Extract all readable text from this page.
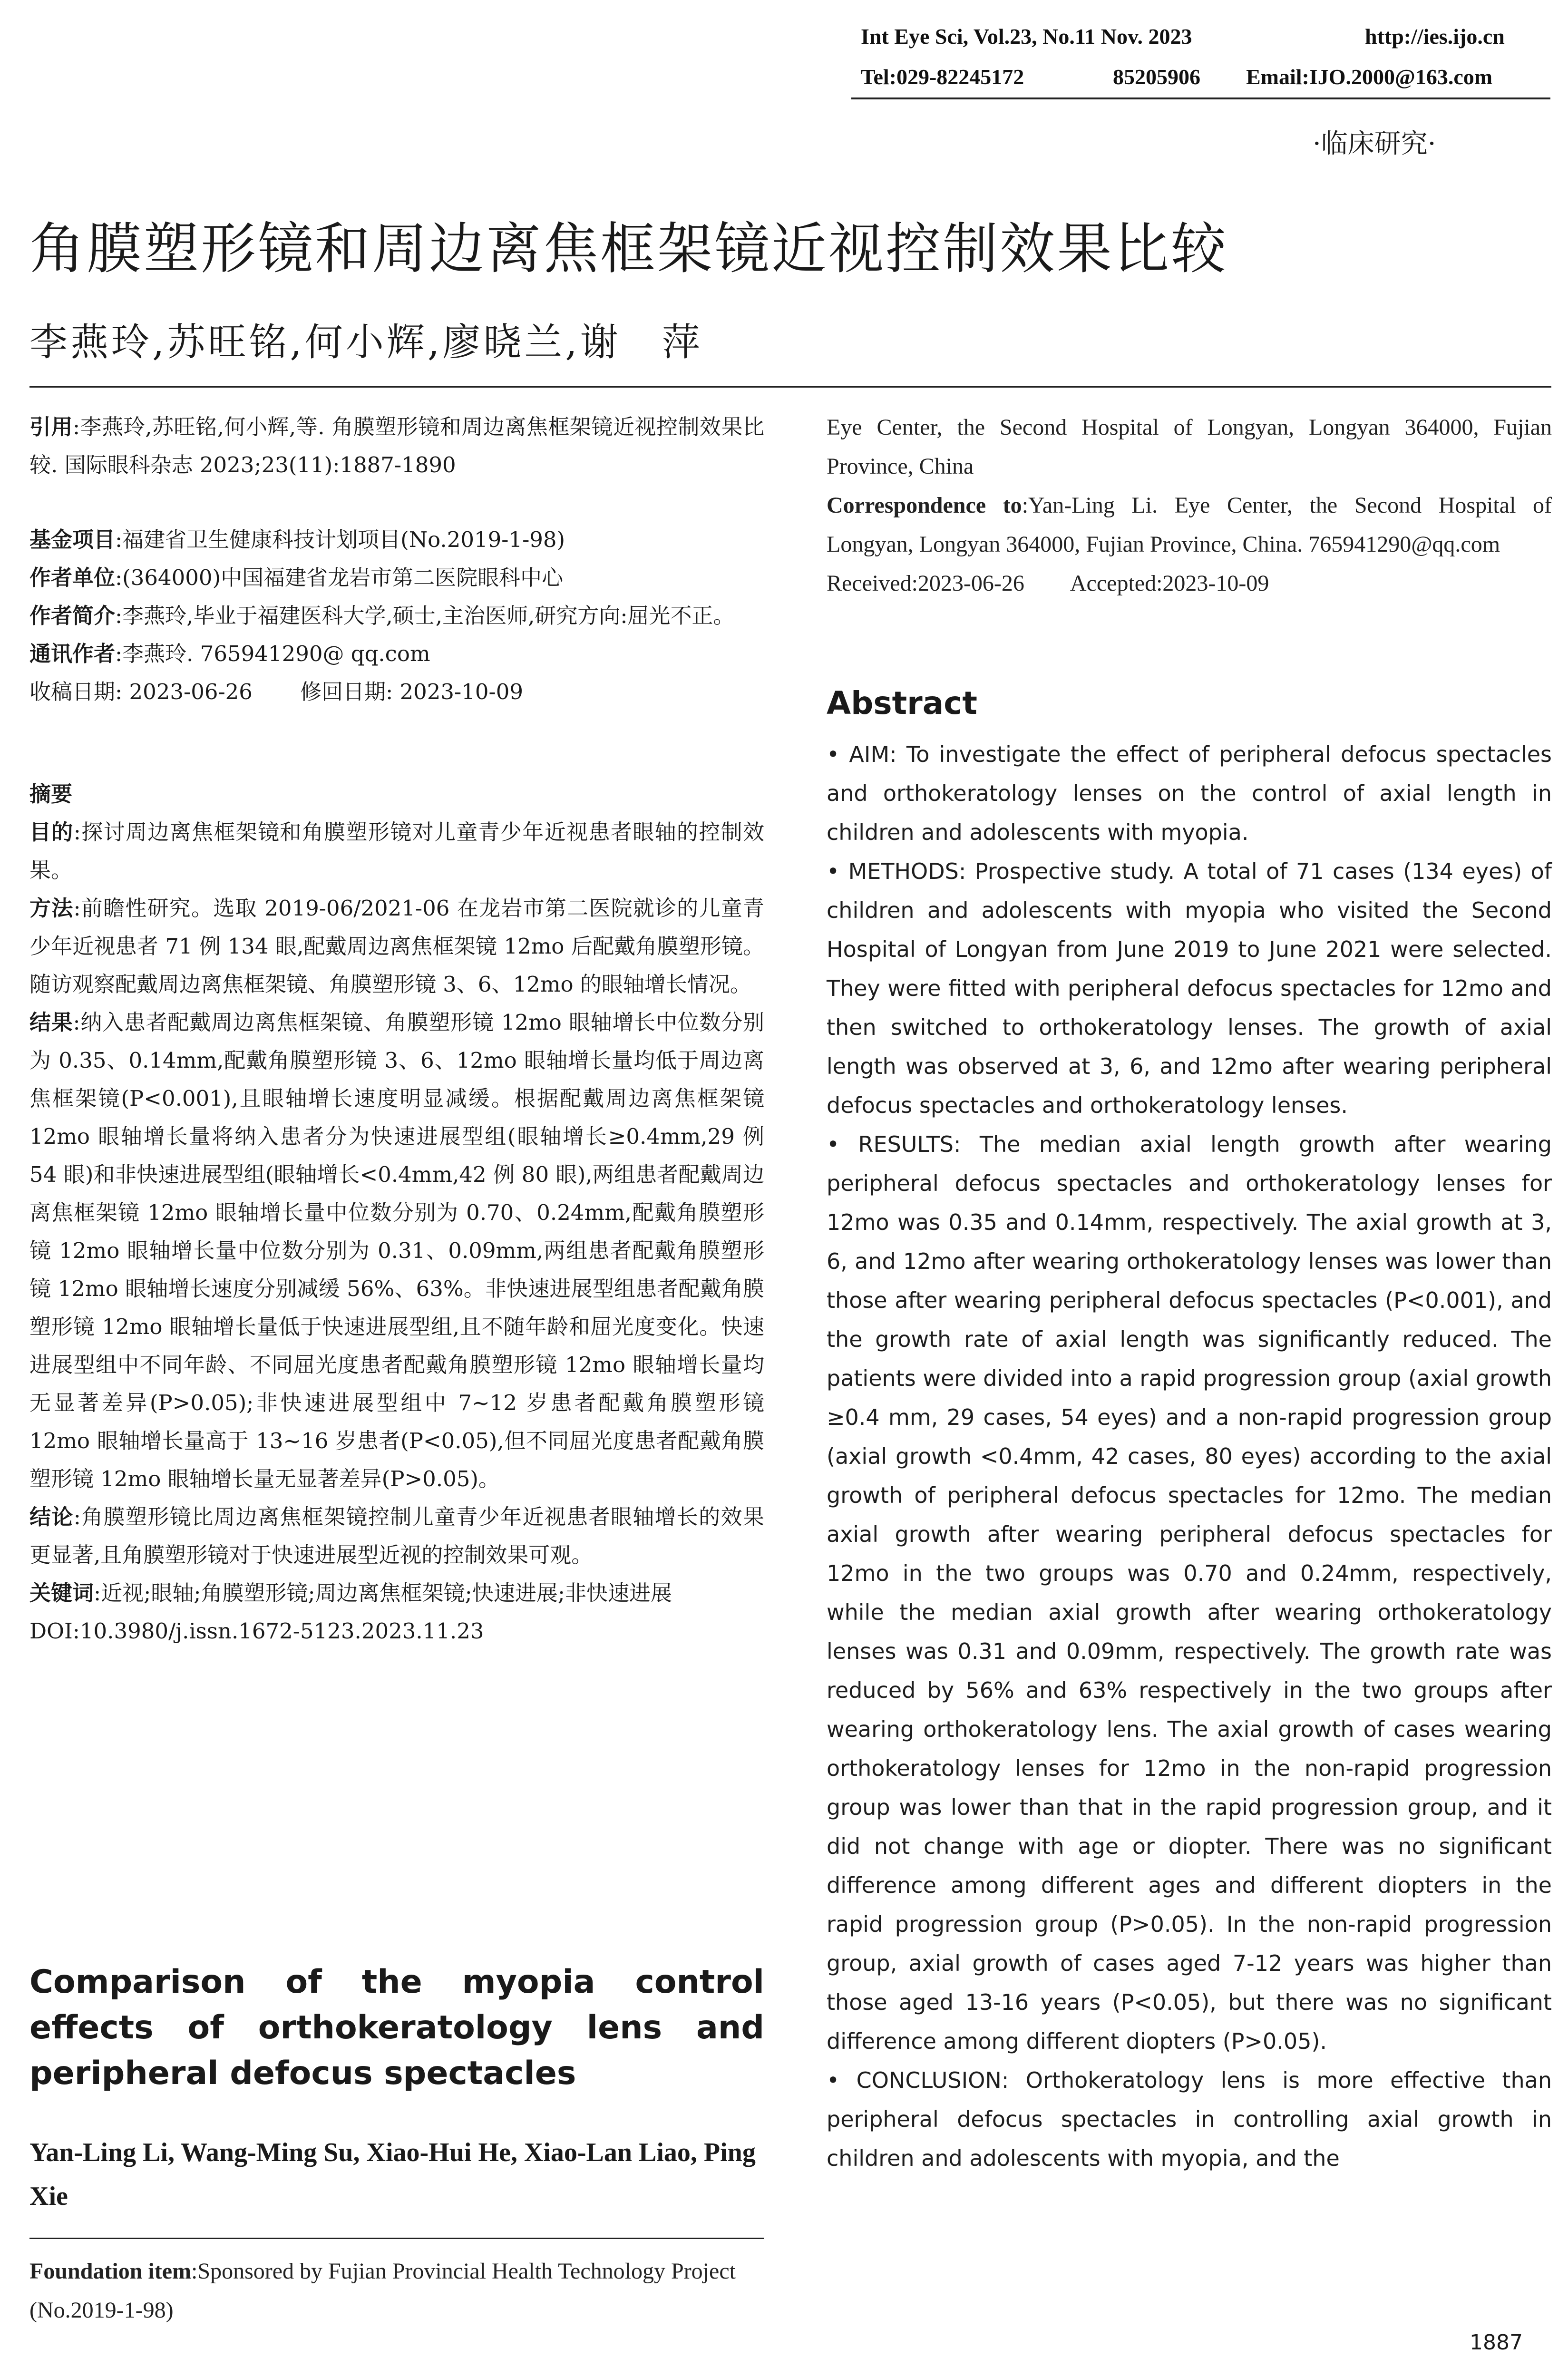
Int Eye Sci, Vol.23, No.11 Nov. 2023	http://ies.ijo.cn
Tel:029-82245172	85205906 Email:IJO.2000@163.com
·临床研究·
角膜塑形镜和周边离焦框架镜近视控制效果比较
李燕玲,苏旺铭,何小辉,廖晓兰,谢　萍

引用:李燕玲,苏旺铭,何小辉,等. 角膜塑形镜和周边离焦框架镜近视控制效果比较. 国际眼科杂志 2023;23(11):1887-1890

基金项目:福建省卫生健康科技计划项目(No.2019-1-98)

作者单位:(364000)中国福建省龙岩市第二医院眼科中心

作者简介:李燕玲,毕业于福建医科大学,硕士,主治医师,研究方向:屈光不正。

通讯作者:李燕玲. 765941290@ qq.com

收稿日期: 2023-06-26 修回日期: 2023-10-09

摘要

目的:探讨周边离焦框架镜和角膜塑形镜对儿童青少年近视患者眼轴的控制效果。

方法:前瞻性研究。选取 2019-06/2021-06 在龙岩市第二医院就诊的儿童青少年近视患者 71 例 134 眼,配戴周边离焦框架镜 12mo 后配戴角膜塑形镜。随访观察配戴周边离焦框架镜、角膜塑形镜 3、6、12mo 的眼轴增长情况。

结果:纳入患者配戴周边离焦框架镜、角膜塑形镜 12mo 眼轴增长中位数分别为 0.35、0.14mm,配戴角膜塑形镜 3、6、12mo 眼轴增长量均低于周边离焦框架镜(P<0.001),且眼轴增长速度明显减缓。根据配戴周边离焦框架镜 12mo 眼轴增长量将纳入患者分为快速进展型组(眼轴增长≥0.4mm,29 例 54 眼)和非快速进展型组(眼轴增长<0.4mm,42 例 80 眼),两组患者配戴周边离焦框架镜 12mo 眼轴增长量中位数分别为 0.70、0.24mm,配戴角膜塑形镜 12mo 眼轴增长量中位数分别为 0.31、0.09mm,两组患者配戴角膜塑形镜 12mo 眼轴增长速度分别减缓 56%、63%。非快速进展型组患者配戴角膜塑形镜 12mo 眼轴增长量低于快速进展型组,且不随年龄和屈光度变化。快速进展型组中不同年龄、不同屈光度患者配戴角膜塑形镜 12mo 眼轴增长量均无显著差异(P>0.05);非快速进展型组中 7~12 岁患者配戴角膜塑形镜 12mo 眼轴增长量高于 13~16 岁患者(P<0.05),但不同屈光度患者配戴角膜塑形镜 12mo 眼轴增长量无显著差异(P>0.05)。

结论:角膜塑形镜比周边离焦框架镜控制儿童青少年近视患者眼轴增长的效果更显著,且角膜塑形镜对于快速进展型近视的控制效果可观。

关键词:近视;眼轴;角膜塑形镜;周边离焦框架镜;快速进展;非快速进展

DOI:10.3980/j.issn.1672-5123.2023.11.23

Comparison of the myopia control effects of orthokeratology lens and peripheral defocus spectacles
Yan-Ling Li, Wang-Ming Su, Xiao-Hui He, Xiao-Lan Liao, Ping Xie

Foundation item:Sponsored by Fujian Provincial Health Technology Project (No.2019-1-98)

Eye Center, the Second Hospital of Longyan, Longyan 364000, Fujian Province, China

Correspondence to:Yan-Ling Li. Eye Center, the Second Hospital of Longyan, Longyan 364000, Fujian Province, China. 765941290@qq.com

Received:2023-06-26 Accepted:2023-10-09

Abstract

• AIM: To investigate the effect of peripheral defocus spectacles and orthokeratology lenses on the control of axial length in children and adolescents with myopia.

• METHODS: Prospective study. A total of 71 cases (134 eyes) of children and adolescents with myopia who visited the Second Hospital of Longyan from June 2019 to June 2021 were selected. They were fitted with peripheral defocus spectacles for 12mo and then switched to orthokeratology lenses. The growth of axial length was observed at 3, 6, and 12mo after wearing peripheral defocus spectacles and orthokeratology lenses.

• RESULTS: The median axial length growth after wearing peripheral defocus spectacles and orthokeratology lenses for 12mo was 0.35 and 0.14mm, respectively. The axial growth at 3, 6, and 12mo after wearing orthokeratology lenses was lower than those after wearing peripheral defocus spectacles (P<0.001), and the growth rate of axial length was significantly reduced. The patients were divided into a rapid progression group (axial growth ≥0.4 mm, 29 cases, 54 eyes) and a non-rapid progression group (axial growth <0.4mm, 42 cases, 80 eyes) according to the axial growth of peripheral defocus spectacles for 12mo. The median axial growth after wearing peripheral defocus spectacles for 12mo in the two groups was 0.70 and 0.24mm, respectively, while the median axial growth after wearing orthokeratology lenses was 0.31 and 0.09mm, respectively. The growth rate was reduced by 56% and 63% respectively in the two groups after wearing orthokeratology lens. The axial growth of cases wearing orthokeratology lenses for 12mo in the non-rapid progression group was lower than that in the rapid progression group, and it did not change with age or diopter. There was no significant difference among different ages and different diopters in the rapid progression group (P>0.05). In the non-rapid progression group, axial growth of cases aged 7-12 years was higher than those aged 13-16 years (P<0.05), but there was no significant difference among different diopters (P>0.05).

• CONCLUSION: Orthokeratology lens is more effective than peripheral defocus spectacles in controlling axial growth in children and adolescents with myopia, and the

1887
